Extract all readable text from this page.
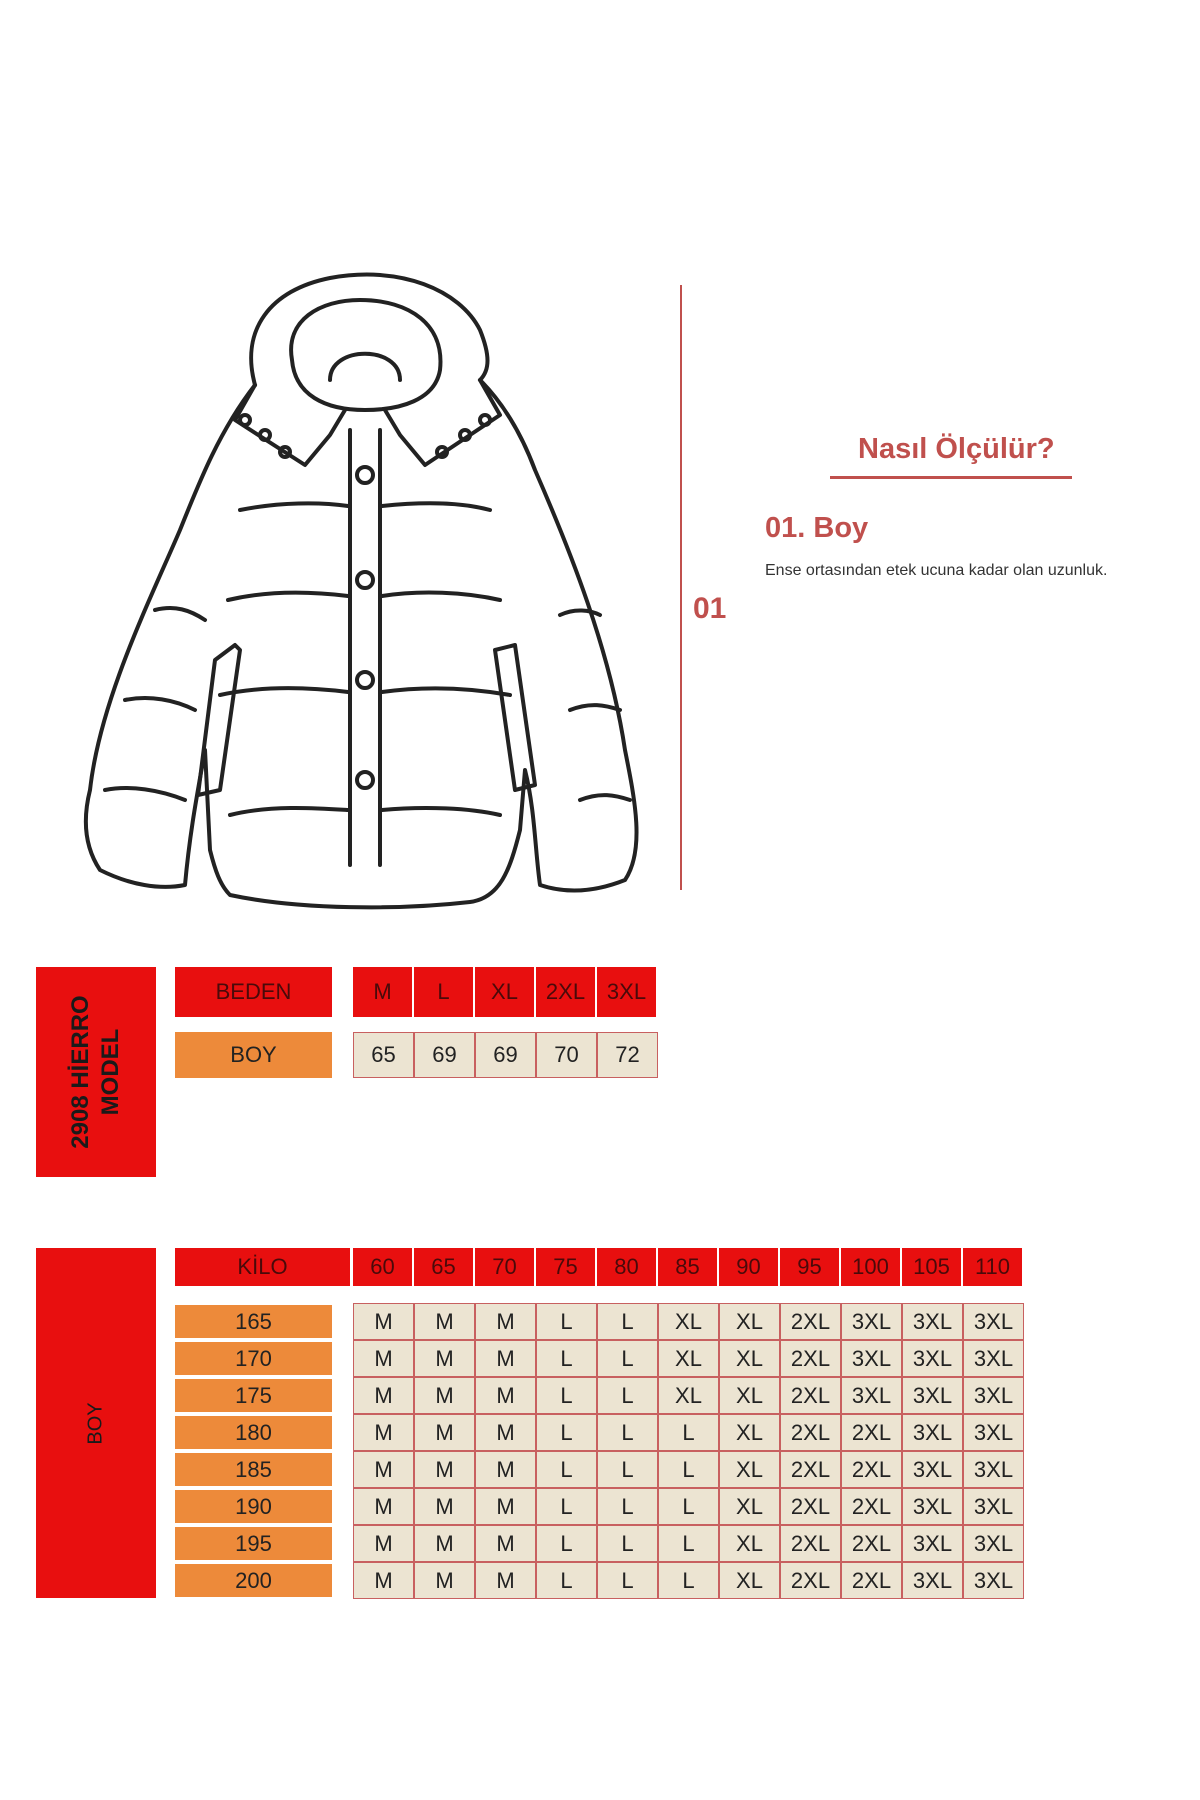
01
Nasıl Ölçülür?
01. Boy
Ense ortasından etek ucuna kadar olan uzunluk.
2908 HİERRO MODEL
BEDEN	M	L	XL	2XL 3XL
BOY	65	69	69	70	72
BOY
KİLO	60	65	70	75	80	85	90	95	100	105	110
165	M	M	M	L	L	XL	XL	2XL 3XL 3XL 3XL
170	M	M	M	L	L	XL	XL	2XL 3XL 3XL 3XL
175	M	M	M	L	L	XL	XL	2XL 3XL 3XL 3XL
180	M	M	M	L	L	L	XL	2XL 2XL 3XL 3XL
185	M	M	M	L	L	L	XL	2XL 2XL 3XL 3XL
190	M	M	M	L	L	L	XL	2XL 2XL 3XL 3XL
195	M	M	M	L	L	L	XL	2XL 2XL 3XL 3XL
200	M	M	M	L	L	L	XL	2XL 2XL 3XL 3XL
